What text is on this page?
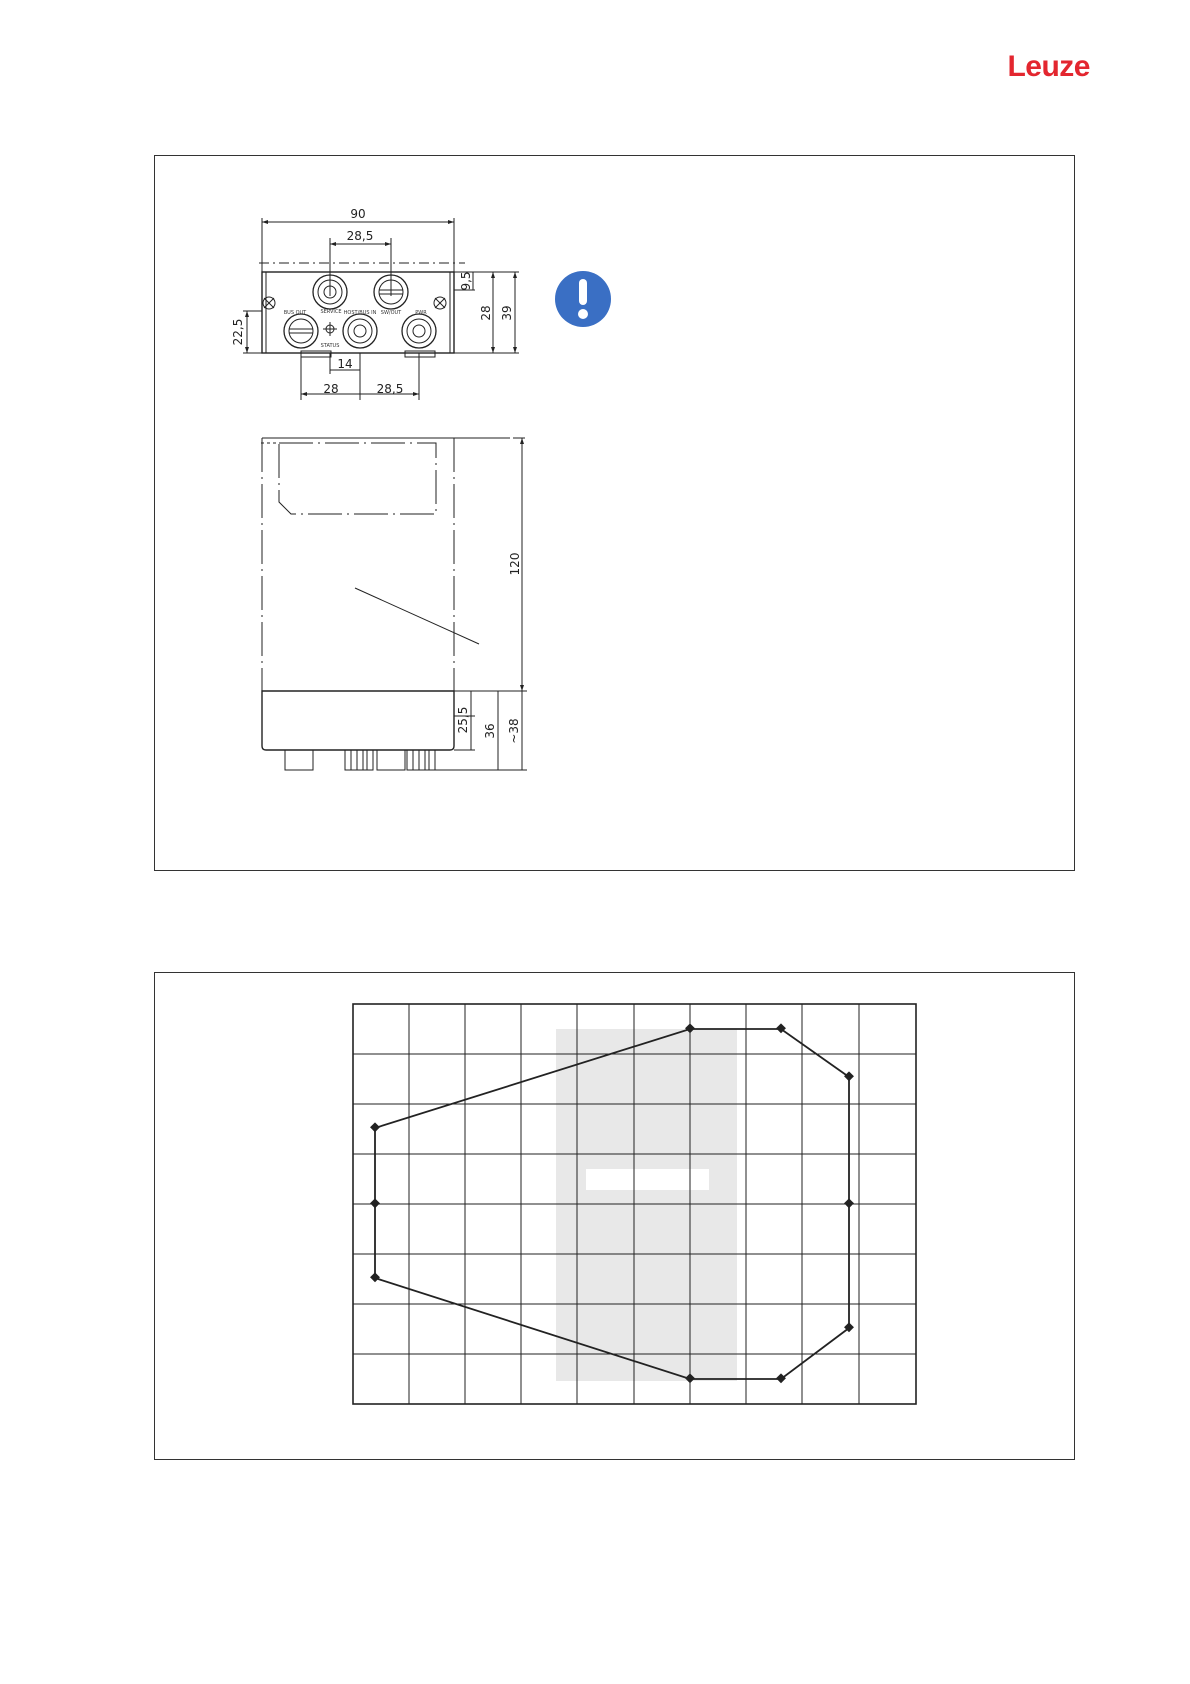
Leuze
90
28,5
14
28	28,5
9,5
28 39
22,5
120
25,5 36 ~38
SERVICE
BUS OUT	HOST/BUS IN SW/OUT	PWR
STATUS
